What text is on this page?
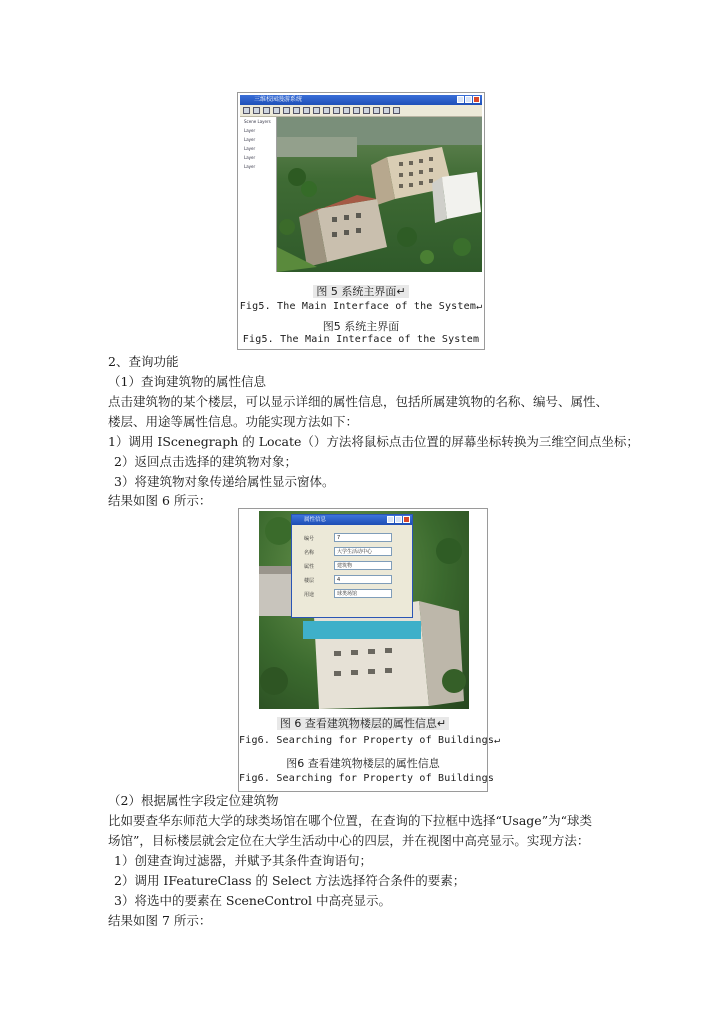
三维校园漫游系统
Scene Layers
Layer
Layer
Layer
Layer
Layer
图 5 系统主界面↵
Fig5. The Main Interface of the System↵
图5 系统主界面
Fig5. The Main Interface of the System
2、查询功能
（1）查询建筑物的属性信息
点击建筑物的某个楼层，可以显示详细的属性信息，包括所属建筑物的名称、编号、属性、
楼层、用途等属性信息。功能实现方法如下：
1）调用 IScenegraph 的 Locate（）方法将鼠标点击位置的屏幕坐标转换为三维空间点坐标；
2）返回点击选择的建筑物对象；
3）将建筑物对象传递给属性显示窗体。
结果如图 6 所示：
属性信息
编号	7
名称	大学生活动中心
属性	建筑物
楼层	4
用途	球类场馆
图 6 查看建筑物楼层的属性信息↵
Fig6. Searching for Property of Buildings↵
图6 查看建筑物楼层的属性信息
Fig6. Searching for Property of Buildings
（2）根据属性字段定位建筑物
比如要查华东师范大学的球类场馆在哪个位置，在查询的下拉框中选择“Usage”为“球类
场馆”，目标楼层就会定位在大学生活动中心的四层，并在视图中高亮显示。实现方法：
1）创建查询过滤器，并赋予其条件查询语句；
2）调用 IFeatureClass 的 Select 方法选择符合条件的要素；
3）将选中的要素在 SceneControl 中高亮显示。
结果如图 7 所示：
